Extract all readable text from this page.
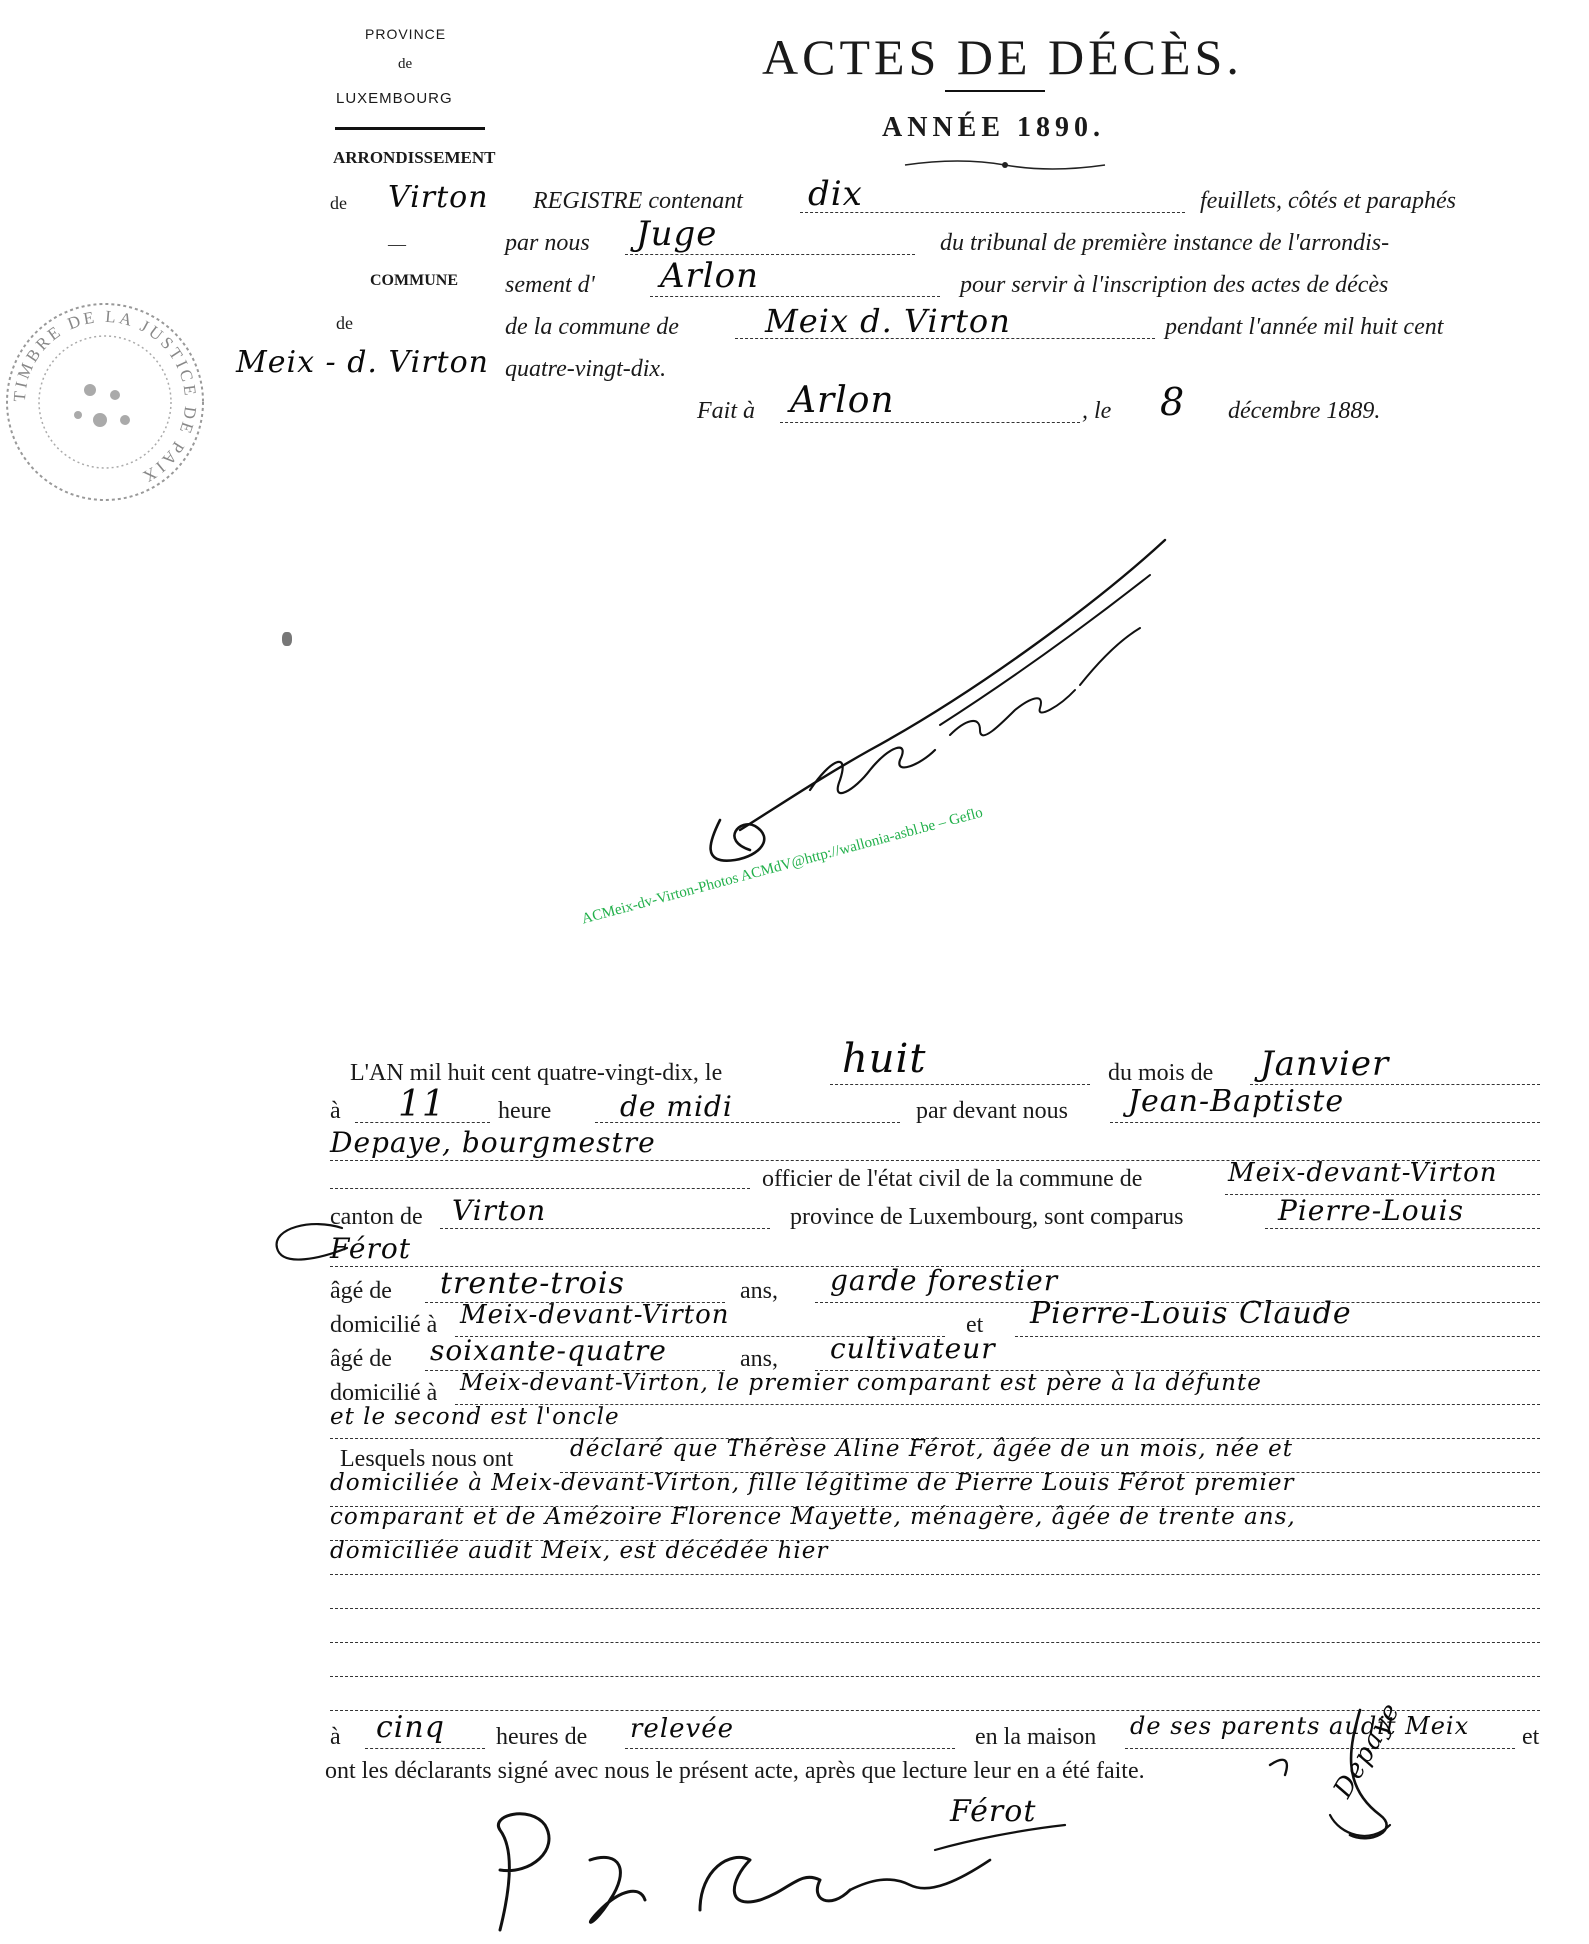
PROVINCE
de
LUXEMBOURG
ARRONDISSEMENT
de Virton
—
COMMUNE
de
Meix - d. Virton
TIMBRE DE LA JUSTICE DE PAIX
ACTES DE DÉCÈS.
ANNÉE 1890.
REGISTRE contenant dix	feuillets, côtés et paraphés
par nous Juge	du tribunal de première instance de l'arrondis-
sement d' Arlon	pour servir à l'inscription des actes de décès
de la commune de	Meix d. Virton	pendant l'année mil huit cent
quatre-vingt-dix.
Fait à Arlon	, le 8 décembre 1889.
ACMeix-dv-Virton-Photos ACMdV@http://wallonia-asbl.be – Geflo
L'AN mil huit cent quatre-vingt-dix, le	huit	du mois de Janvier
à 11 heure de midi	par devant nous Jean-Baptiste
Depaye, bourgmestre
officier de l'état civil de la commune de	Meix-devant-Virton
canton de Virton	province de Luxembourg, sont comparus	Pierre-Louis
Férot
âgé de trente-trois	ans, garde forestier
domicilié à Meix-devant-Virton	et Pierre-Louis Claude
âgé de soixante-quatre	ans, cultivateur
domicilié à Meix-devant-Virton, le premier comparant est père à la défunte
et le second est l'oncle
Lesquels nous ont déclaré que Thérèse Aline Férot, âgée de un mois, née et
domiciliée à Meix-devant-Virton, fille légitime de Pierre Louis Férot premier
comparant et de Amézoire Florence Mayette, ménagère, âgée de trente ans,
domiciliée audit Meix, est décédée hier
à cinq heures de relevée	en la maison de ses parents audit Meix et
ont les déclarants signé avec nous le présent acte, après que lecture leur en a été faite.
Férot
Depaye
